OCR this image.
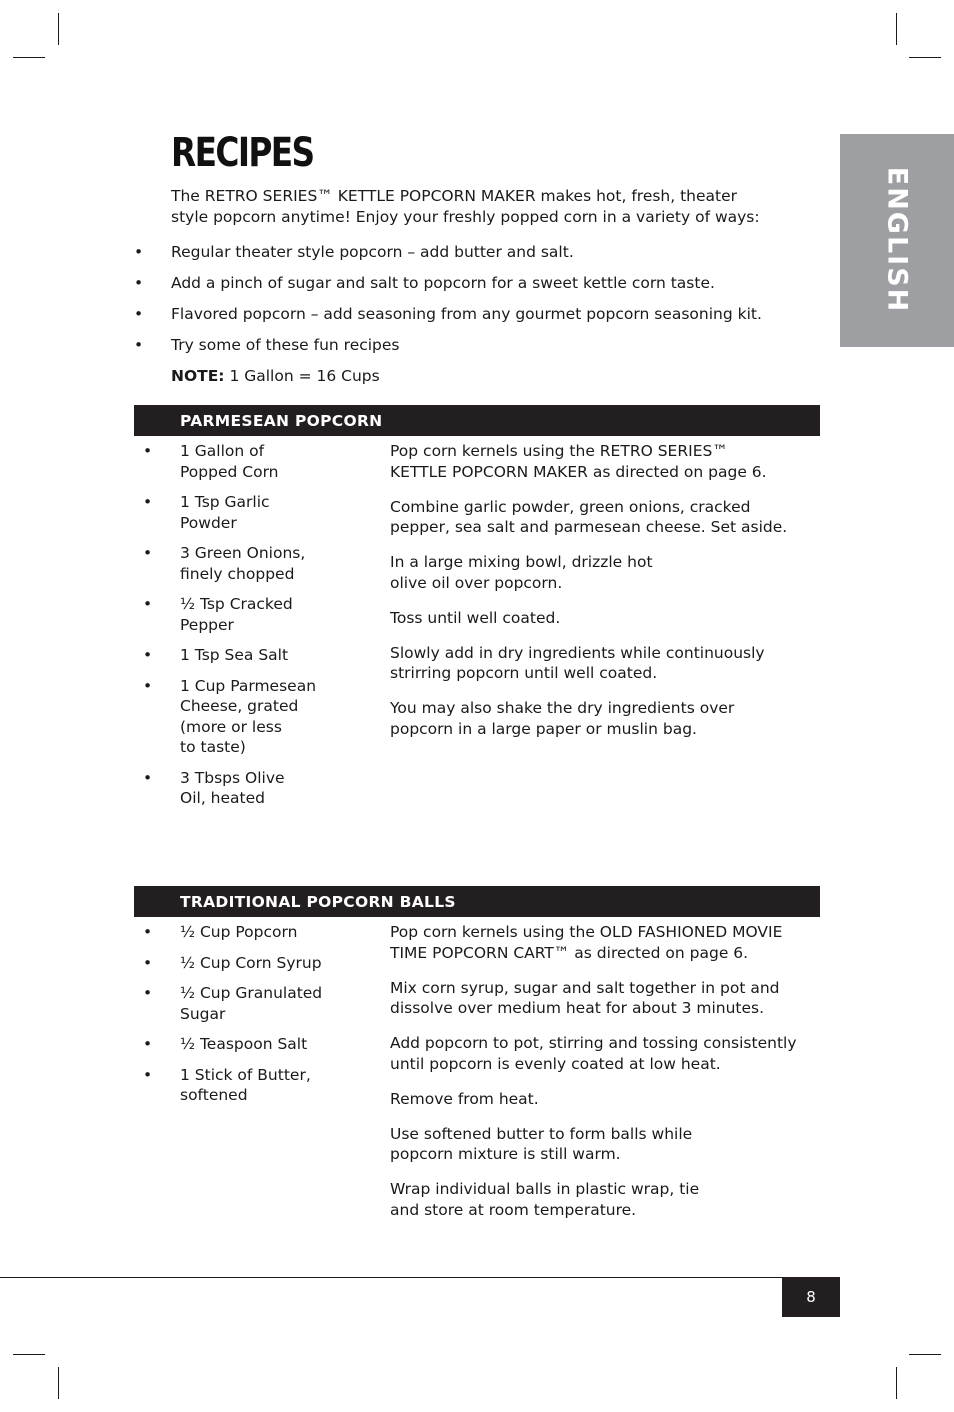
RECIPES
The RETRO SERIES™ KETTLE POPCORN MAKER makes hot, fresh, theater
style popcorn anytime! Enjoy your freshly popped corn in a variety of ways:
• Regular theater style popcorn – add butter and salt.
• Add a pinch of sugar and salt to popcorn for a sweet kettle corn taste.
• Flavored popcorn – add seasoning from any gourmet popcorn seasoning kit.
• Try some of these fun recipes
NOTE: 1 Gallon = 16 Cups
PARMESEAN POPCORN
• 1 Gallon of
Popped Corn
• 1 Tsp Garlic
Powder
• 3 Green Onions,
finely chopped
• ½ Tsp Cracked
Pepper
• 1 Tsp Sea Salt
• 1 Cup Parmesean
Cheese, grated
(more or less
to taste)
• 3 Tbsps Olive
Oil, heated

Pop corn kernels using the RETRO SERIES™
KETTLE POPCORN MAKER as directed on page 6.

Combine garlic powder, green onions, cracked
pepper, sea salt and parmesean cheese. Set aside.

In a large mixing bowl, drizzle hot
olive oil over popcorn.

Toss until well coated.

Slowly add in dry ingredients while continuously
strirring popcorn until well coated.

You may also shake the dry ingredients over
popcorn in a large paper or muslin bag.

TRADITIONAL POPCORN BALLS
• ½ Cup Popcorn
• ½ Cup Corn Syrup
• ½ Cup Granulated
Sugar
• ½ Teaspoon Salt
• 1 Stick of Butter,
softened

Pop corn kernels using the OLD FASHIONED MOVIE
TIME POPCORN CART™ as directed on page 6.

Mix corn syrup, sugar and salt together in pot and
dissolve over medium heat for about 3 minutes.

Add popcorn to pot, stirring and tossing consistently
until popcorn is evenly coated at low heat.

Remove from heat.

Use softened butter to form balls while
popcorn mixture is still warm.

Wrap individual balls in plastic wrap, tie
and store at room temperature.

ENGLISH
8
